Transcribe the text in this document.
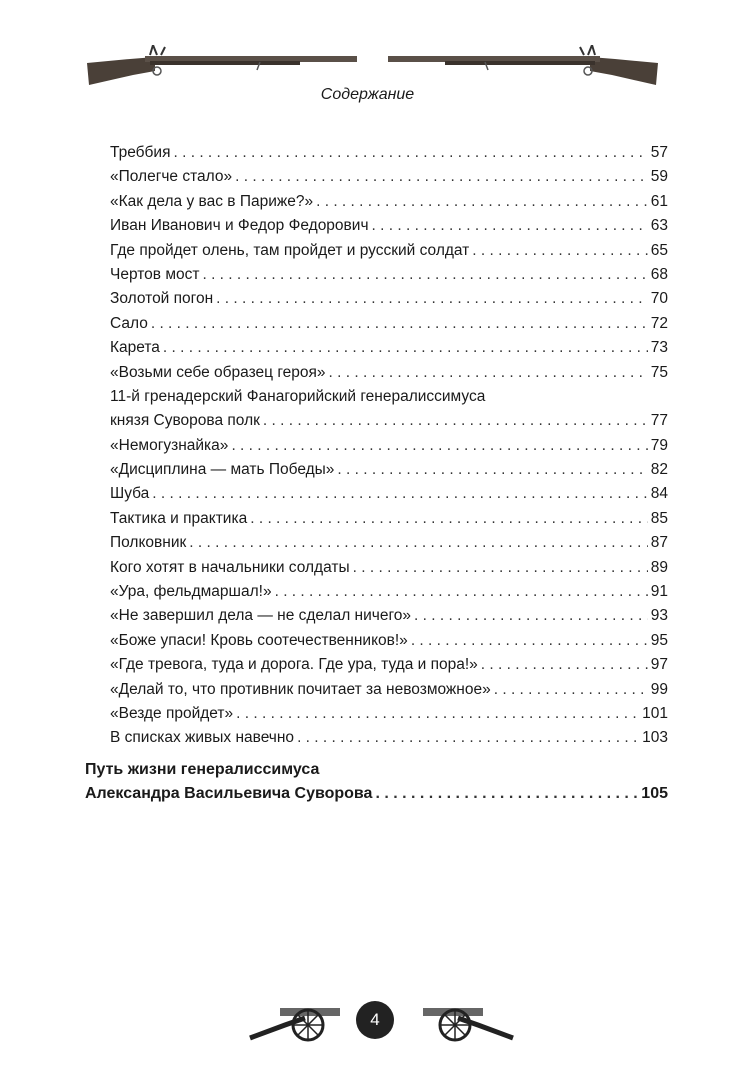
Содержание
Треббия . . .	57
«Полегче стало» . . .	59
«Как дела у вас в Париже?» . . .	61
Иван Иванович и Федор Федорович . . .	63
Где пройдет олень, там пройдет и русский солдат . . .	65
Чертов мост . . .	68
Золотой погон . . .	70
Сало . . .	72
Карета . . .	73
«Возьми себе образец героя» . . .	75
11-й гренадерский Фанагорийский генералиссимуса
князя Суворова полк . . .	77
«Немогузнайка» . . .	79
«Дисциплина — мать Победы» . . .	82
Шуба . . .	84
Тактика и практика . . .	85
Полковник . . .	87
Кого хотят в начальники солдаты . . .	89
«Ура, фельдмаршал!» . . .	91
«Не завершил дела — не сделал ничего» . . .	93
«Боже упаси! Кровь соотечественников!» . . .	95
«Где тревога, туда и дорога. Где ура, туда и пора!» . . .	97
«Делай то, что противник почитает за невозможное» . . .	99
«Везде пройдет» . . .	101
В списках живых навечно . . .	103
Путь жизни генералиссимуса
Александра Васильевича Суворова . . .	105
4
